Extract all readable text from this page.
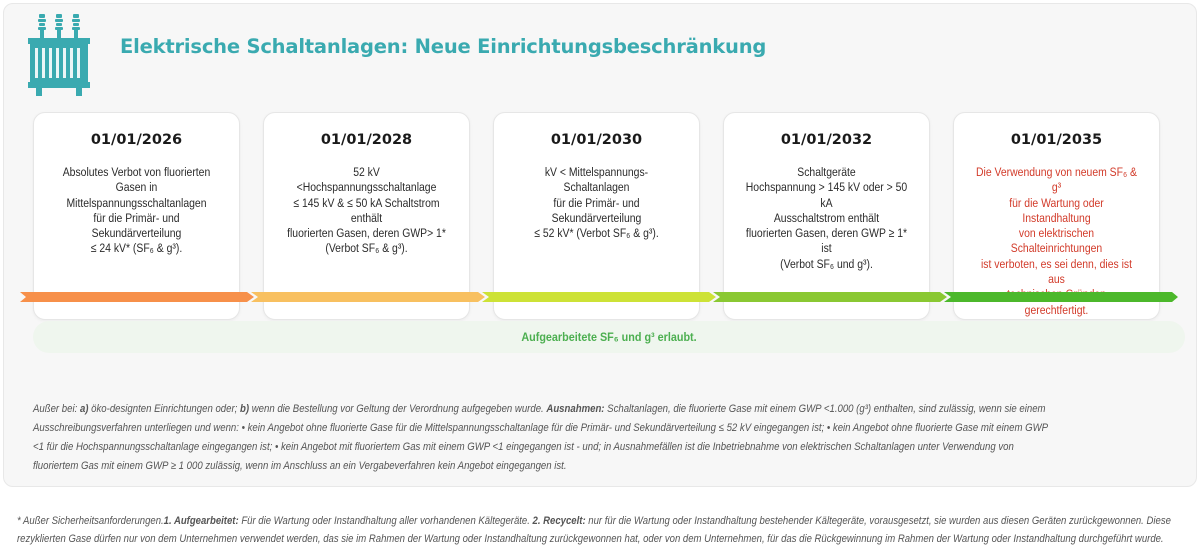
Elektrische Schaltanlagen: Neue Einrichtungsbeschränkung
01/01/2026
Absolutes Verbot von fluorierten
Gasen in Mittelspannungsschaltanlagen
für die Primär- und Sekundärverteilung
≤ 24 kV* (SF₆ & g³).
01/01/2028
52 kV <Hochspannungsschaltanlage
≤ 145 kV & ≤ 50 kA Schaltstrom enthält
fluorierten Gasen, deren GWP> 1*
(Verbot SF₆ & g³).
01/01/2030
kV < Mittelspannungs-Schaltanlagen
für die Primär- und Sekundärverteilung
≤ 52 kV* (Verbot SF₆ & g³).
01/01/2032
Schaltgeräte
Hochspannung > 145 kV oder > 50 kA
Ausschaltstrom enthält
fluorierten Gasen, deren GWP ≥ 1* ist
(Verbot SF₆ und g³).
01/01/2035
Die Verwendung von neuem SF₆ & g³
für die Wartung oder Instandhaltung
von elektrischen Schalteinrichtungen
ist verboten, es sei denn, dies ist aus
gerechtfertigt.
Aufgearbeitete SF₆ und g³ erlaubt.
Außer bei: a) öko-designten Einrichtungen oder; b) wenn die Bestellung vor Geltung der Verordnung aufgegeben wurde. Ausnahmen: Schaltanlagen, die fluorierte Gase mit einem GWP <1.000 (g³) enthalten, sind zulässig, wenn sie einem Ausschreibungsverfahren unterliegen und wenn: • kein Angebot ohne fluorierte Gase für die Mittelspannungsschaltanlage für die Primär- und Sekundärverteilung ≤ 52 kV eingegangen ist; • kein Angebot ohne fluorierte Gase mit einem GWP <1 für die Hochspannungsschaltanlage eingegangen ist; • kein Angebot mit fluoriertem Gas mit einem GWP <1 eingegangen ist - und; in Ausnahmefällen ist die Inbetriebnahme von elektrischen Schaltanlagen unter Verwendung von fluoriertem Gas mit einem GWP ≥ 1 000 zulässig, wenn im Anschluss an ein Vergabeverfahren kein Angebot eingegangen ist.
* Außer Sicherheitsanforderungen.1. Aufgearbeitet: Für die Wartung oder Instandhaltung aller vorhandenen Kältegeräte. 2. Recycelt: nur für die Wartung oder Instandhaltung bestehender Kältegeräte, vorausgesetzt, sie wurden aus diesen Geräten zurückgewonnen. Diese rezyklierten Gase dürfen nur von dem Unternehmen verwendet werden, das sie im Rahmen der Wartung oder Instandhaltung zurückgewonnen hat, oder von dem Unternehmen, für das die Rückgewinnung im Rahmen der Wartung oder Instandhaltung durchgeführt wurde.
